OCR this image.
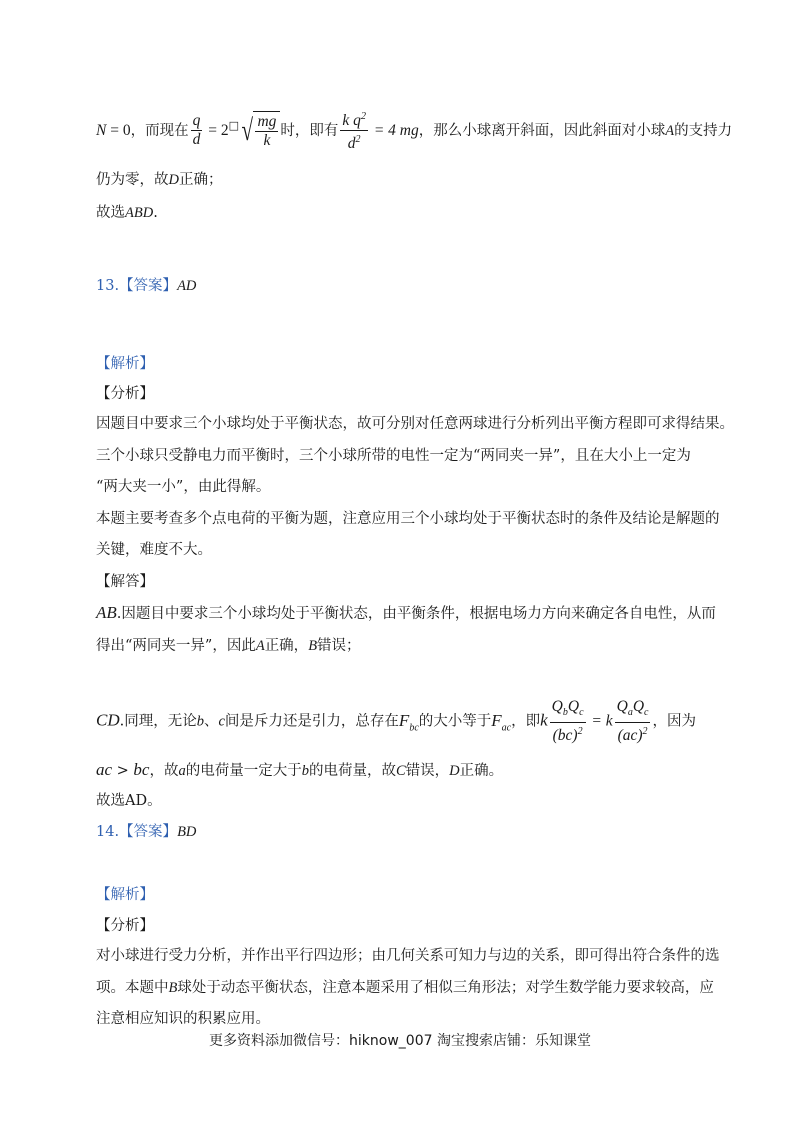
N = 0，而现在 $\frac{q}{d} = 2^□$ √ $\frac{mg}{k}$ 时，即有 $\frac{k q^2}{d^2} = 4$ mg，那么小球离开斜面，因此斜面对小球A的支持力
仍为零，故D正确；
故选ABD.
13.【答案】AD
【解析】
【分析】
因题目中要求三个小球均处于平衡状态，故可分别对任意两球进行分析列出平衡方程即可求得结果。
三个小球只受静电力而平衡时，三个小球所带的电性一定为“两同夹一异”，且在大小上一定为
“两大夹一小”，由此得解。
本题主要考查多个点电荷的平衡为题，注意应用三个小球均处于平衡状态时的条件及结论是解题的
关键，难度不大。
【解答】
AB.因题目中要求三个小球均处于平衡状态，由平衡条件，根据电场力方向来确定各自电性，从而
得出“两同夹一异”，因此A正确，B错误；
CD.同理，无论b、c间是斥力还是引力，总存在$F_{bc}$的大小等于$F_{ac}$，即k $\frac{Q_bQ_c}{(bc)^2} = k \frac{Q_aQ_c}{(ac)^2}$ ，因为
ac > bc，故a的电荷量一定大于b的电荷量，故C错误，D正确。
故选AD。
14.【答案】BD
【解析】
【分析】
对小球进行受力分析，并作出平行四边形；由几何关系可知力与边的关系，即可得出符合条件的选
项。本题中B球处于动态平衡状态，注意本题采用了相似三角形法；对学生数学能力要求较高，应
注意相应知识的积累应用。
更多资料添加微信号：hiknow_007 淘宝搜索店铺：乐知课堂
